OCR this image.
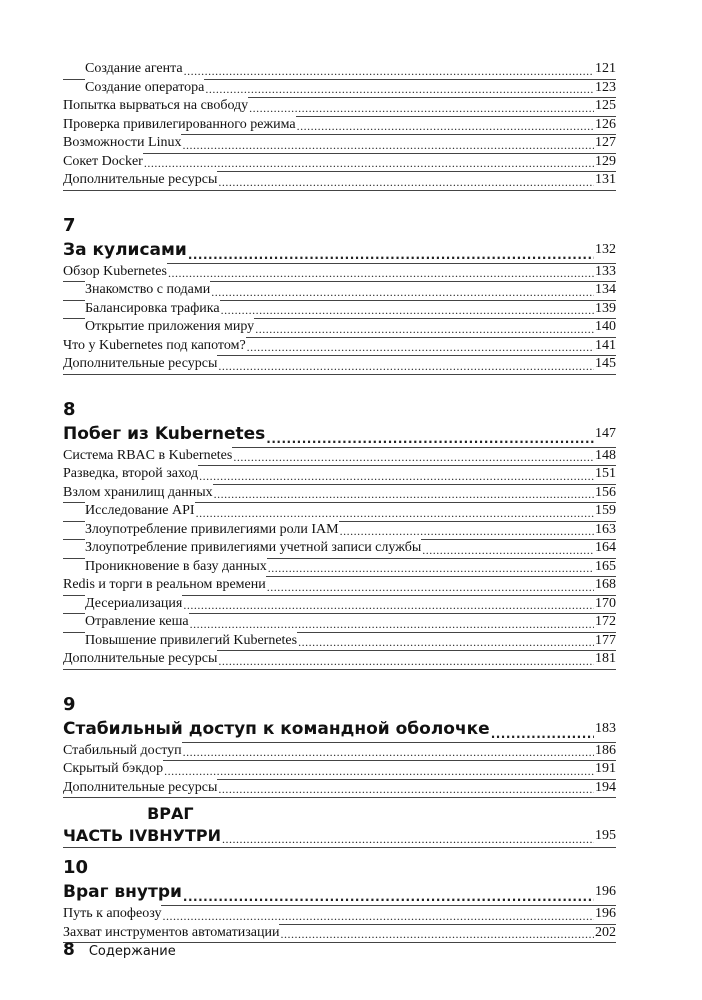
Создание агента .....	121
Создание оператора .....	123
Попытка вырваться на свободу .....	125
Проверка привилегированного режима .....	126
Возможности Linux .....	127
Сокет Docker .....	129
Дополнительные ресурсы .....	131
7
За кулисами .....	132
Обзор Kubernetes .....	133
Знакомство с подами .....	134
Балансировка трафика .....	139
Открытие приложения миру .....	140
Что у Kubernetes под капотом? .....	141
Дополнительные ресурсы .....	145
8
Побег из Kubernetes .....	147
Система RBAC в Kubernetes .....	148
Разведка, второй заход .....	151
Взлом хранилищ данных .....	156
Исследование API .....	159
Злоупотребление привилегиями роли IAM .....	163
Злоупотребление привилегиями учетной записи службы .....	164
Проникновение в базу данных .....	165
Redis и торги в реальном времени .....	168
Десериализация .....	170
Отравление кеша .....	172
Повышение привилегий Kubernetes .....	177
Дополнительные ресурсы .....	181
9
Стабильный доступ к командной оболочке .....	183
Стабильный доступ .....	186
Скрытый бэкдор .....	191
Дополнительные ресурсы .....	194
ЧАСТЬ IV
ВРАГ ВНУТРИ .....	195
10
Враг внутри .....	196
Путь к апофеозу .....	196
Захват инструментов автоматизации .....	202
8 Содержание
